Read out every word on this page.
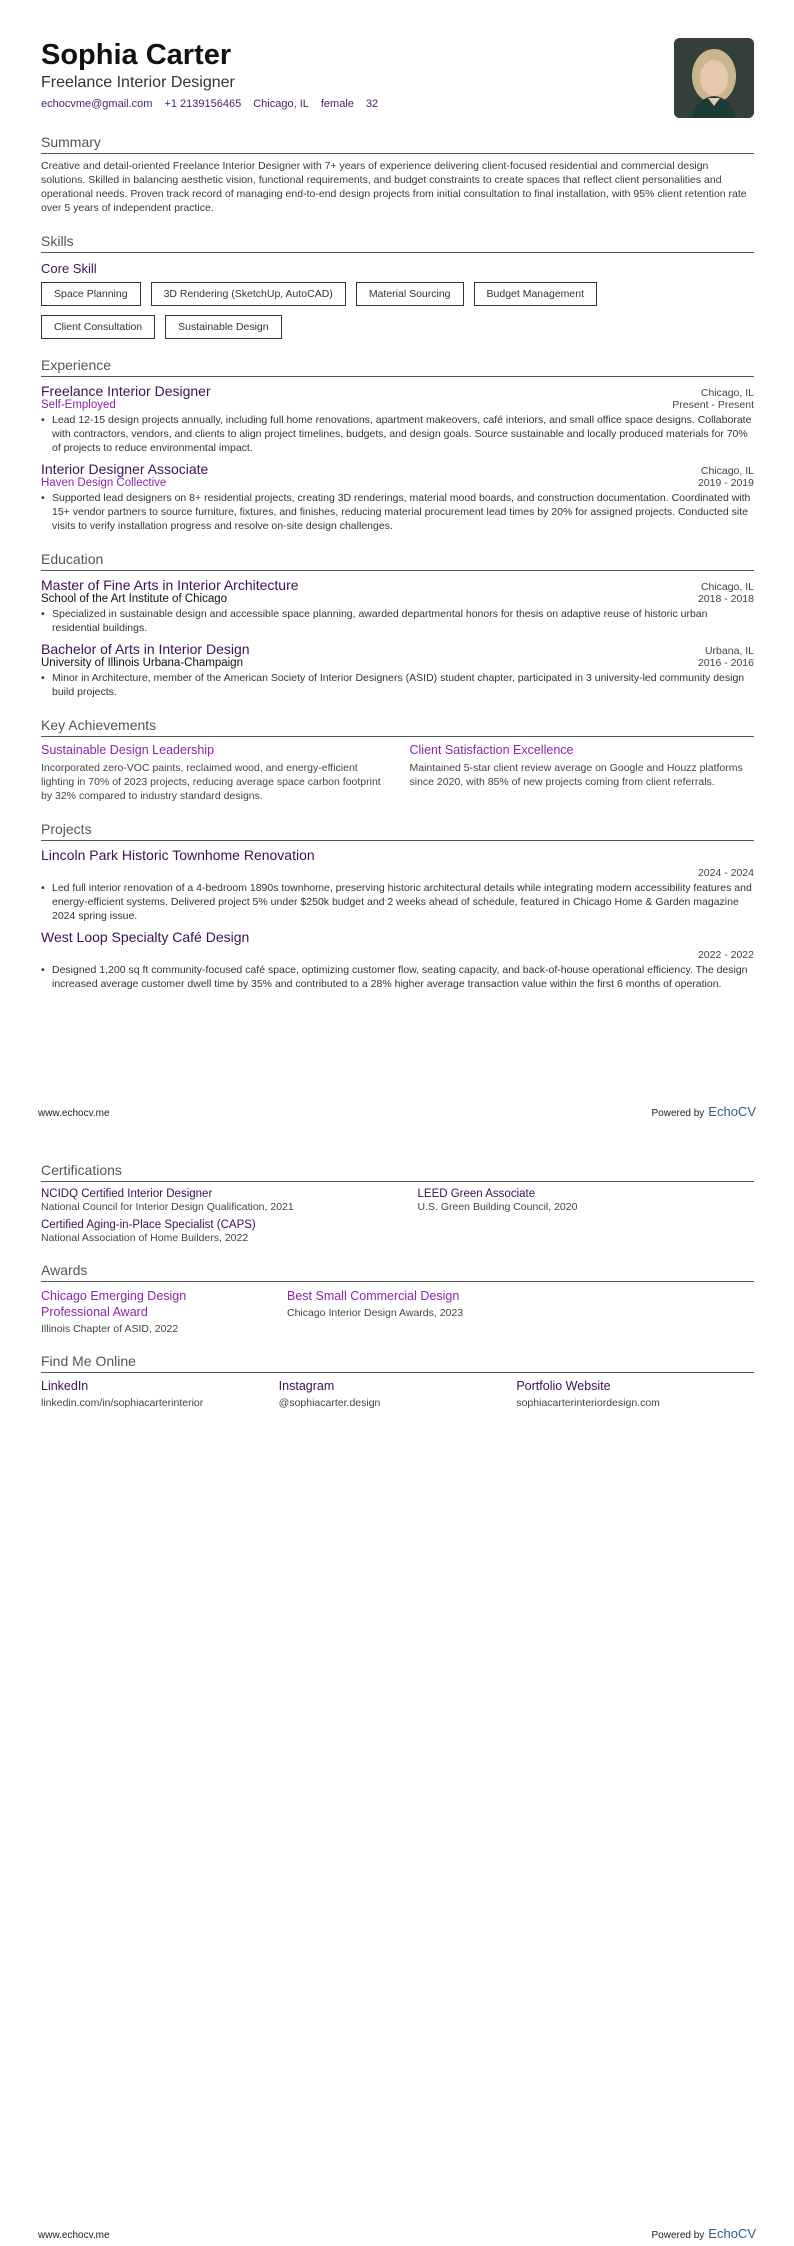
Sophia Carter
Freelance Interior Designer
echocvme@gmail.com +1 2139156465 Chicago, IL female 32
Summary

Creative and detail-oriented Freelance Interior Designer with 7+ years of experience delivering client-focused residential and commercial design solutions. Skilled in balancing aesthetic vision, functional requirements, and budget constraints to create spaces that reflect client personalities and operational needs. Proven track record of managing end-to-end design projects from initial consultation to final installation, with 95% client retention rate over 5 years of independent practice.

Skills
Core Skill
Space Planning	3D Rendering (SketchUp, AutoCAD)	Material Sourcing	Budget Management
Client Consultation	Sustainable Design
Experience
Freelance Interior Designer	Chicago, IL
Self-Employed	Present - Present
• Lead 12-15 design projects annually, including full home renovations, apartment makeovers, café interiors, and small office space designs. Collaborate with contractors, vendors, and clients to align project timelines, budgets, and design goals. Source sustainable and locally produced materials for 70% of projects to reduce environmental impact.
Interior Designer Associate	Chicago, IL
Haven Design Collective	2019 - 2019
• Supported lead designers on 8+ residential projects, creating 3D renderings, material mood boards, and construction documentation. Coordinated with 15+ vendor partners to source furniture, fixtures, and finishes, reducing material procurement lead times by 20% for assigned projects. Conducted site visits to verify installation progress and resolve on-site design challenges.
Education
Master of Fine Arts in Interior Architecture	Chicago, IL
School of the Art Institute of Chicago	2018 - 2018
• Specialized in sustainable design and accessible space planning, awarded departmental honors for thesis on adaptive reuse of historic urban residential buildings.
Bachelor of Arts in Interior Design	Urbana, IL
University of Illinois Urbana-Champaign	2016 - 2016
• Minor in Architecture, member of the American Society of Interior Designers (ASID) student chapter, participated in 3 university-led community design build projects.
Key Achievements
Sustainable Design Leadership
Incorporated zero-VOC paints, reclaimed wood, and energy-efficient lighting in 70% of 2023 projects, reducing average space carbon footprint by 32% compared to industry standard designs.
Client Satisfaction Excellence
Maintained 5-star client review average on Google and Houzz platforms since 2020, with 85% of new projects coming from client referrals.
Projects
Lincoln Park Historic Townhome Renovation
2024 - 2024
• Led full interior renovation of a 4-bedroom 1890s townhome, preserving historic architectural details while integrating modern accessibility features and energy-efficient systems. Delivered project 5% under $250k budget and 2 weeks ahead of schedule, featured in Chicago Home & Garden magazine 2024 spring issue.
West Loop Specialty Café Design
2022 - 2022
• Designed 1,200 sq ft community-focused café space, optimizing customer flow, seating capacity, and back-of-house operational efficiency. The design increased average customer dwell time by 35% and contributed to a 28% higher average transaction value within the first 6 months of operation.
www.echocv.me	Powered by EchoCV
Certifications
NCIDQ Certified Interior Designer
National Council for Interior Design Qualification, 2021
LEED Green Associate
U.S. Green Building Council, 2020
Certified Aging-in-Place Specialist (CAPS)
National Association of Home Builders, 2022
Awards
Chicago Emerging Design Professional Award
Illinois Chapter of ASID, 2022
Best Small Commercial Design
Chicago Interior Design Awards, 2023
Find Me Online
LinkedIn
linkedin.com/in/sophiacarterinterior
Instagram
@sophiacarter.design
Portfolio Website
sophiacarterinteriordesign.com
www.echocv.me	Powered by EchoCV
